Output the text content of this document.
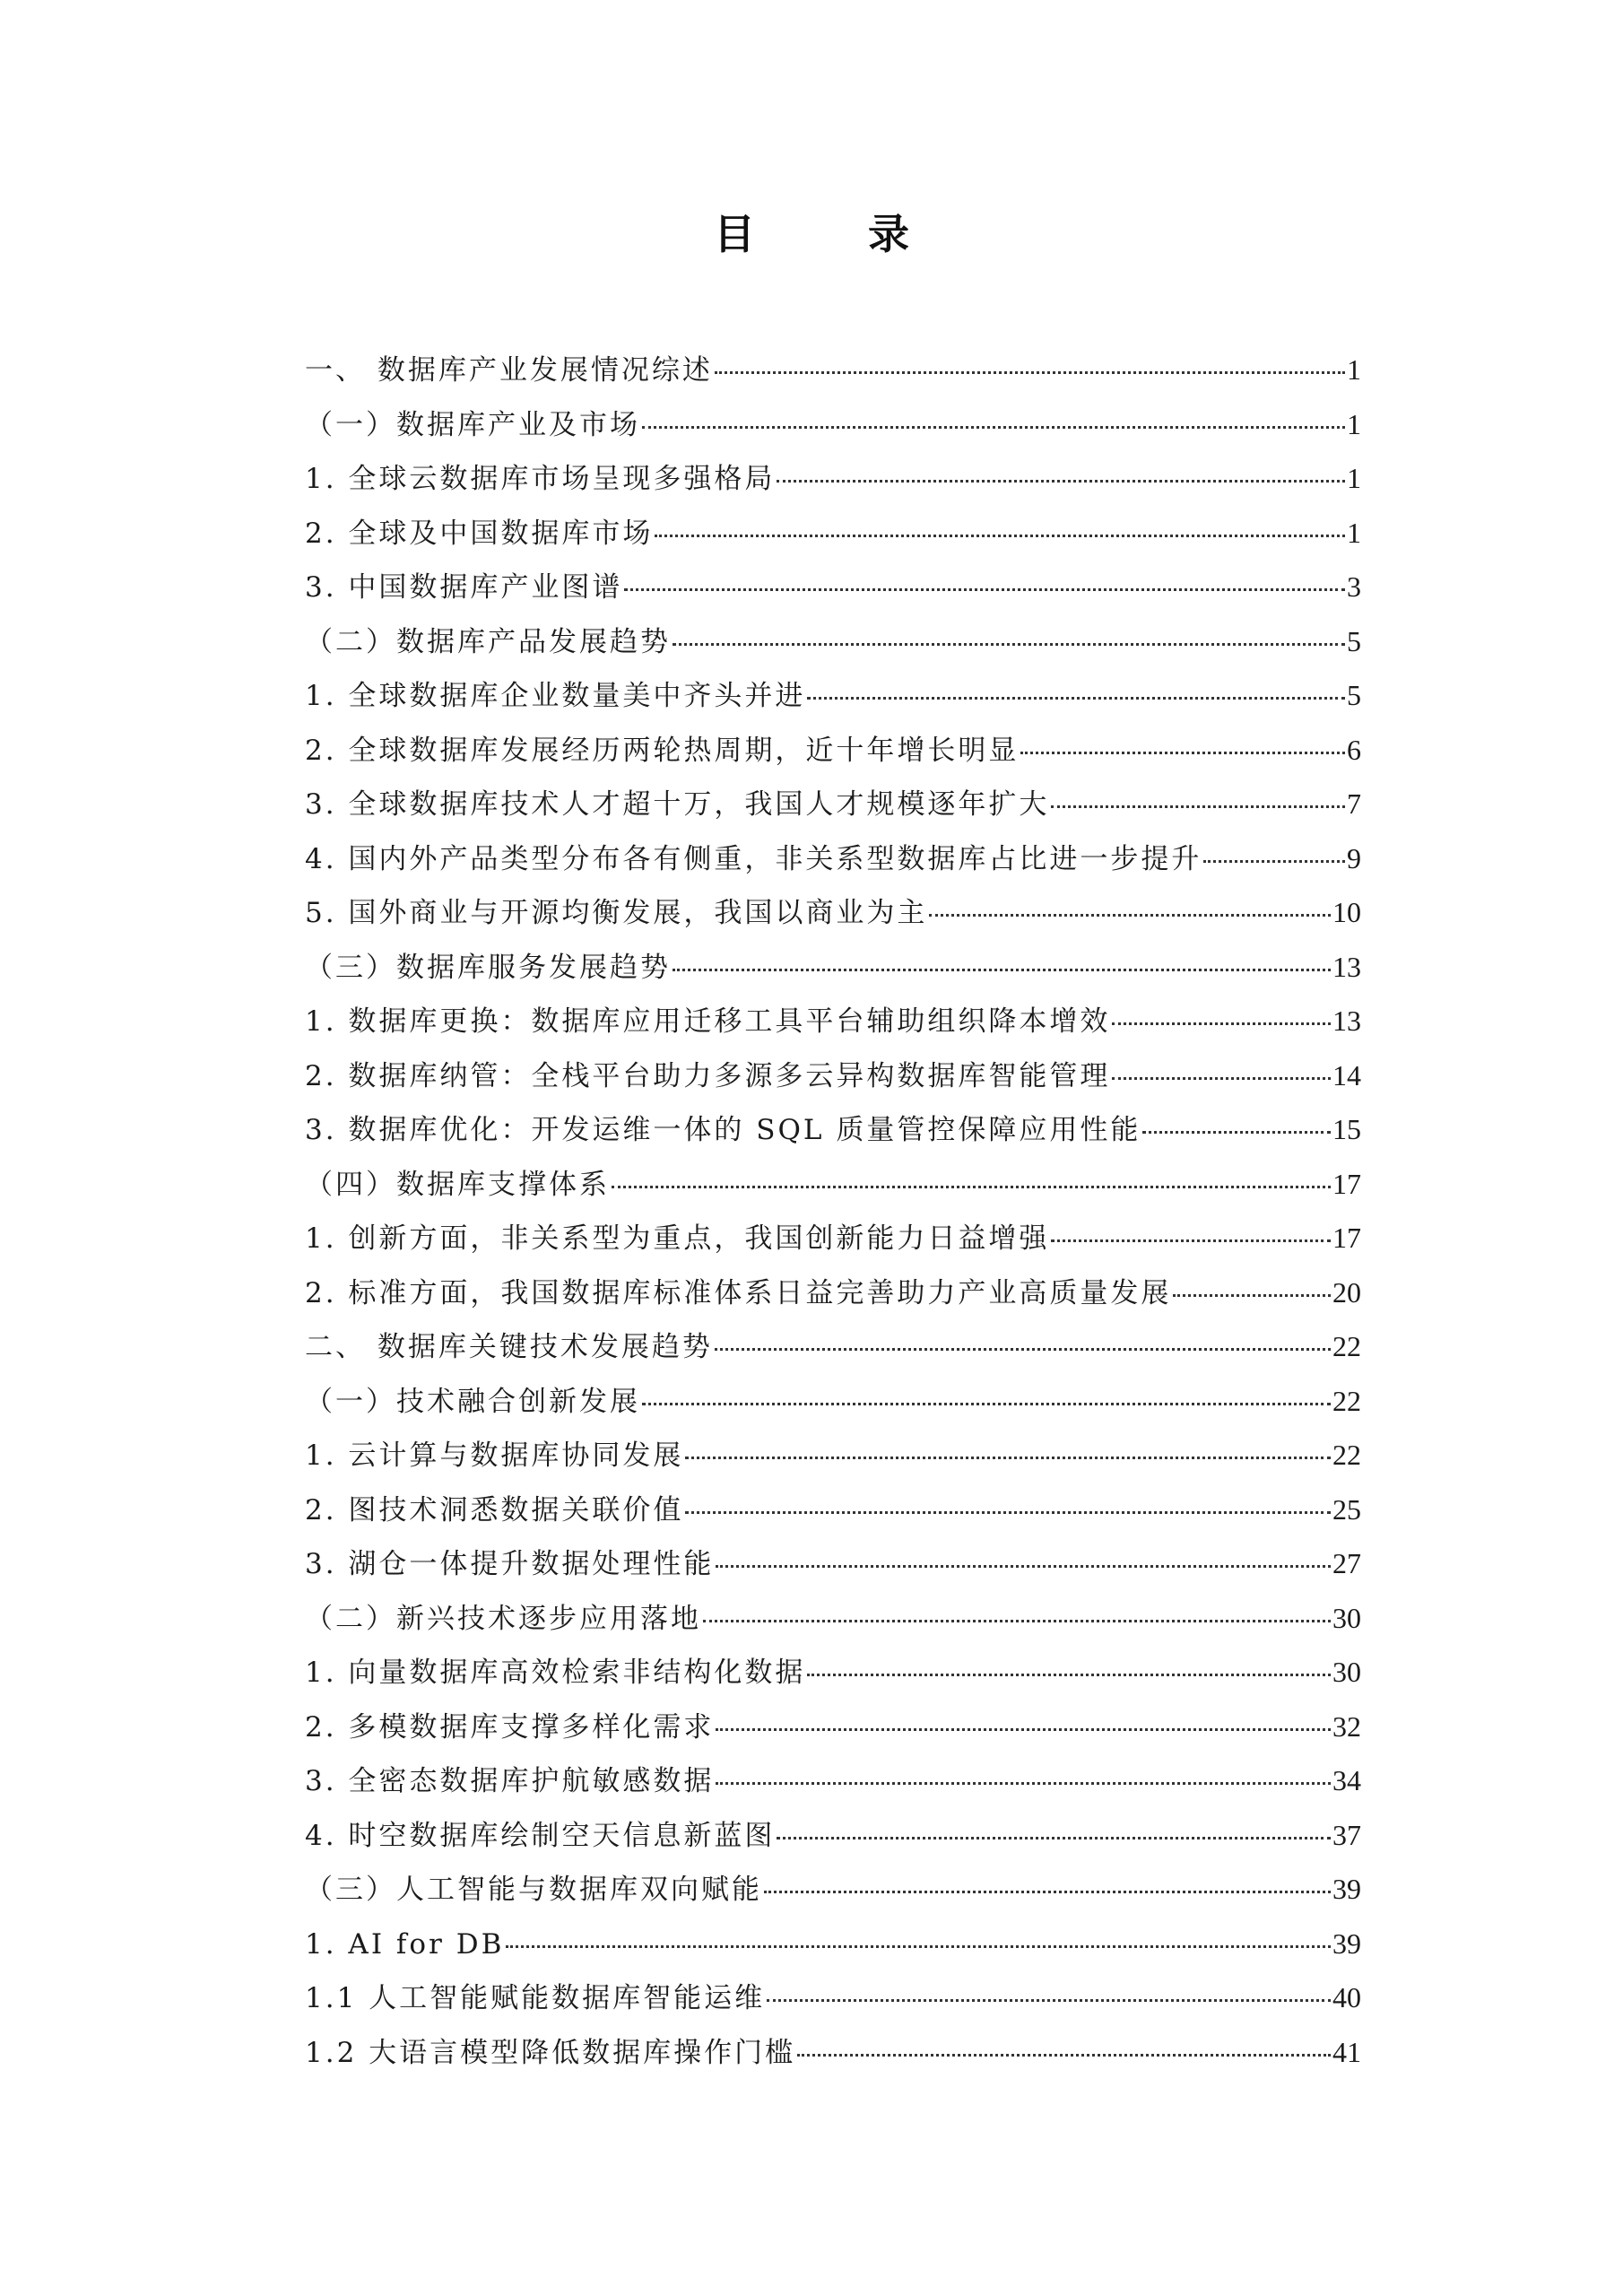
目　录
一、 数据库产业发展情况综述	1
（一）数据库产业及市场	1
1. 全球云数据库市场呈现多强格局	1
2. 全球及中国数据库市场	1
3. 中国数据库产业图谱	3
（二）数据库产品发展趋势	5
1. 全球数据库企业数量美中齐头并进	5
2. 全球数据库发展经历两轮热周期，近十年增长明显	6
3. 全球数据库技术人才超十万，我国人才规模逐年扩大	7
4. 国内外产品类型分布各有侧重，非关系型数据库占比进一步提升	9
5. 国外商业与开源均衡发展，我国以商业为主	10
（三）数据库服务发展趋势	13
1. 数据库更换：数据库应用迁移工具平台辅助组织降本增效	13
2. 数据库纳管：全栈平台助力多源多云异构数据库智能管理	14
3. 数据库优化：开发运维一体的 SQL 质量管控保障应用性能	15
（四）数据库支撑体系	17
1. 创新方面，非关系型为重点，我国创新能力日益增强	17
2. 标准方面，我国数据库标准体系日益完善助力产业高质量发展	20
二、 数据库关键技术发展趋势	22
（一）技术融合创新发展	22
1. 云计算与数据库协同发展	22
2. 图技术洞悉数据关联价值	25
3. 湖仓一体提升数据处理性能	27
（二）新兴技术逐步应用落地	30
1. 向量数据库高效检索非结构化数据	30
2. 多模数据库支撑多样化需求	32
3. 全密态数据库护航敏感数据	34
4. 时空数据库绘制空天信息新蓝图	37
（三）人工智能与数据库双向赋能	39
1. AI for DB	39
1.1 人工智能赋能数据库智能运维	40
1.2 大语言模型降低数据库操作门槛	41
